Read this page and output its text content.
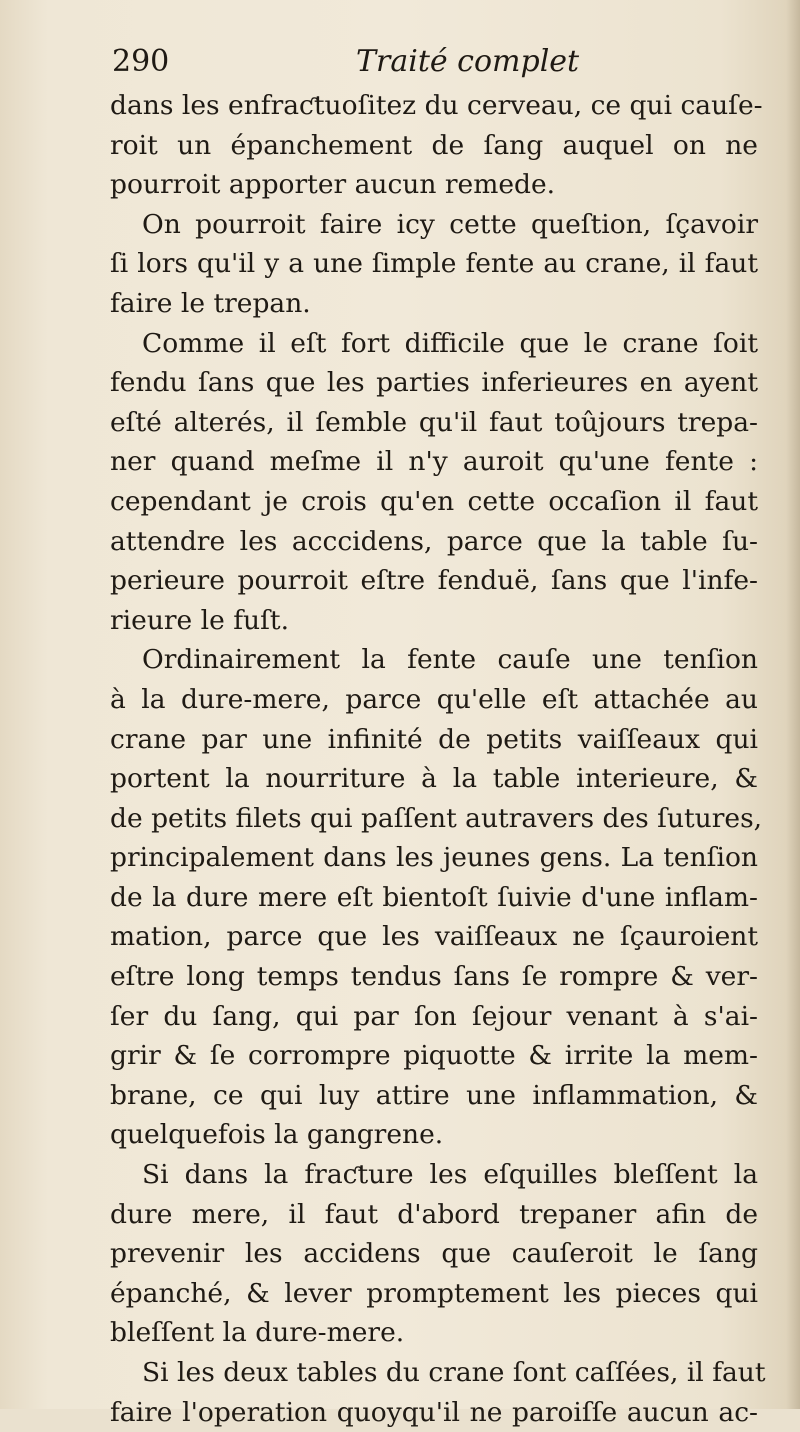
290	Traité complet
dans les enfraƈtuoſitez du cerveau, ce qui cauſe-
roit un épanchement de ſang auquel on ne
pourroit apporter aucun remede.
On pourroit faire icy cette queſtion, ſçavoir
ſi lors qu'il y a une ſimple fente au crane, il faut
faire le trepan.
Comme il eſt fort difficile que le crane ſoit
fendu ſans que les parties inferieures en ayent
eſté alterés, il ſemble qu'il faut toûjours trepa-
ner quand meſme il n'y auroit qu'une fente :
cependant je crois qu'en cette occaſion il faut
attendre les acccidens, parce que la table ſu-
perieure pourroit eſtre fenduë, ſans que l'infe-
rieure le fuſt.
Ordinairement la fente cauſe une tenſion
à la dure-mere, parce qu'elle eſt attachée au
crane par une infinité de petits vaiſſeaux qui
portent la nourriture à la table interieure, &
de petits filets qui paſſent autravers des ſutures,
principalement dans les jeunes gens. La tenſion
de la dure mere eſt bientoſt ſuivie d'une inflam-
mation, parce que les vaiſſeaux ne ſçauroient
eſtre long temps tendus ſans ſe rompre & ver-
ſer du ſang, qui par ſon ſejour venant à s'ai-
grir & ſe corrompre piquotte & irrite la mem-
brane, ce qui luy attire une inflammation, &
quelquefois la gangrene.
Si dans la fraƈture les eſquilles bleſſent la
dure mere, il faut d'abord trepaner afin de
prevenir les accidens que cauſeroit le ſang
épanché, & lever promptement les pieces qui
bleſſent la dure-mere.
Si les deux tables du crane ſont caſſées, il faut
faire l'operation quoyqu'il ne paroiſſe aucun ac-
